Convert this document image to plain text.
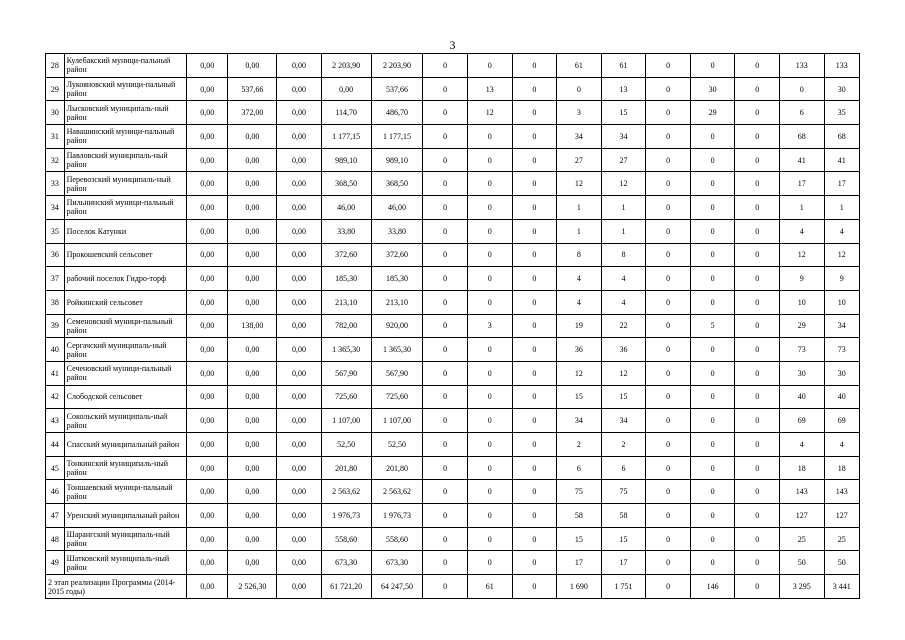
3
28	Кулебакский муници-пальный район	0,00	0,00	0,00	2 203,90	2 203,90	0	0	0	61	61	0	0	0	133	133
29	Лукояновский муници-пальный район	0,00	537,66	0,00	0,00	537,66	0	13	0	0	13	0	30	0	0	30
30	Лысковский муниципаль-ный район	0,00	372,00	0,00	114,70	486,70	0	12	0	3	15	0	29	0	6	35
31	Навашинский муници-пальный район	0,00	0,00	0,00	1 177,15	1 177,15	0	0	0	34	34	0	0	0	68	68
32	Павловский муниципаль-ный район	0,00	0,00	0,00	989,10	989,10	0	0	0	27	27	0	0	0	41	41
33	Перевозский муниципаль-ный район	0,00	0,00	0,00	368,50	368,50	0	0	0	12	12	0	0	0	17	17
34	Пильнинский муници-пальный район	0,00	0,00	0,00	46,00	46,00	0	0	0	1	1	0	0	0	1	1
35	Поселок Катунки	0,00	0,00	0,00	33,80	33,80	0	0	0	1	1	0	0	0	4	4
36	Прокошевский сельсовет	0,00	0,00	0,00	372,60	372,60	0	0	0	8	8	0	0	0	12	12
37	рабочий поселок Гидро-торф	0,00	0,00	0,00	185,30	185,30	0	0	0	4	4	0	0	0	9	9
38	Ройкинский сельсовет	0,00	0,00	0,00	213,10	213,10	0	0	0	4	4	0	0	0	10	10
39	Семеновский муници-пальный район	0,00	138,00	0,00	782,00	920,00	0	3	0	19	22	0	5	0	29	34
40	Сергачский муниципаль-ный район	0,00	0,00	0,00	1 365,30	1 365,30	0	0	0	36	36	0	0	0	73	73
41	Сеченовский муници-пальный район	0,00	0,00	0,00	567,90	567,90	0	0	0	12	12	0	0	0	30	30
42	Слободской сельсовет	0,00	0,00	0,00	725,60	725,60	0	0	0	15	15	0	0	0	40	40
43	Сокольский муниципаль-ный район	0,00	0,00	0,00	1 107,00	1 107,00	0	0	0	34	34	0	0	0	69	69
44	Спасский муниципальный район	0,00	0,00	0,00	52,50	52,50	0	0	0	2	2	0	0	0	4	4
45	Тонкинский муниципаль-ный район	0,00	0,00	0,00	201,80	201,80	0	0	0	6	6	0	0	0	18	18
46	Тоншаевский муници-пальный район	0,00	0,00	0,00	2 563,62	2 563,62	0	0	0	75	75	0	0	0	143	143
47	Уренский муниципальный район	0,00	0,00	0,00	1 976,73	1 976,73	0	0	0	58	58	0	0	0	127	127
48	Шарангский муниципаль-ный район	0,00	0,00	0,00	558,60	558,60	0	0	0	15	15	0	0	0	25	25
49	Шатковский муниципаль-ный район	0,00	0,00	0,00	673,30	673,30	0	0	0	17	17	0	0	0	50	50
2 этап реализации Программы (2014-2015 годы)		0,00	2 526,30	0,00	61 721,20	64 247,50	0	61	0	1 690	1 751	0	146	0	3 295	3 441
